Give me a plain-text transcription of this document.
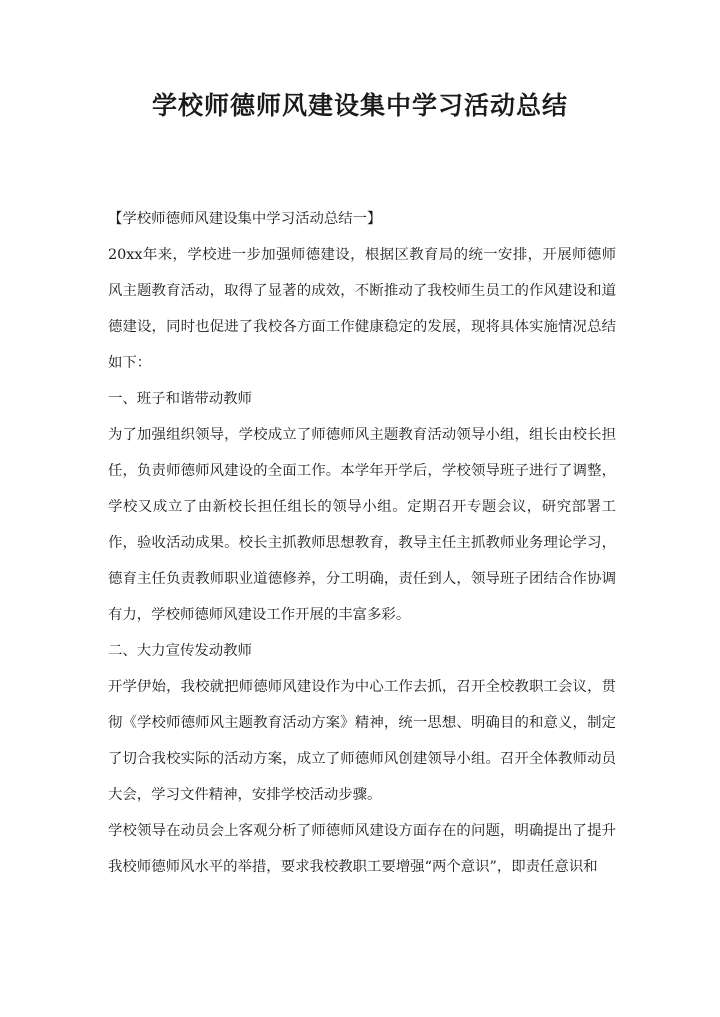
学校师德师风建设集中学习活动总结

【学校师德师风建设集中学习活动总结一】

20xx年来，学校进一步加强师德建设，根据区教育局的统一安排，开展师德师风主题教育活动，取得了显著的成效，不断推动了我校师生员工的作风建设和道德建设，同时也促进了我校各方面工作健康稳定的发展，现将具体实施情况总结如下：

一、班子和谐带动教师

为了加强组织领导，学校成立了师德师风主题教育活动领导小组，组长由校长担任，负责师德师风建设的全面工作。本学年开学后，学校领导班子进行了调整，学校又成立了由新校长担任组长的领导小组。定期召开专题会议，研究部署工作，验收活动成果。校长主抓教师思想教育，教导主任主抓教师业务理论学习，德育主任负责教师职业道德修养，分工明确，责任到人，领导班子团结合作协调有力，学校师德师风建设工作开展的丰富多彩。

二、大力宣传发动教师

开学伊始，我校就把师德师风建设作为中心工作去抓，召开全校教职工会议，贯彻《学校师德师风主题教育活动方案》精神，统一思想、明确目的和意义，制定了切合我校实际的活动方案，成立了师德师风创建领导小组。召开全体教师动员大会，学习文件精神，安排学校活动步骤。

学校领导在动员会上客观分析了师德师风建设方面存在的问题，明确提出了提升我校师德师风水平的举措，要求我校教职工要增强“两个意识”，即责任意识和
